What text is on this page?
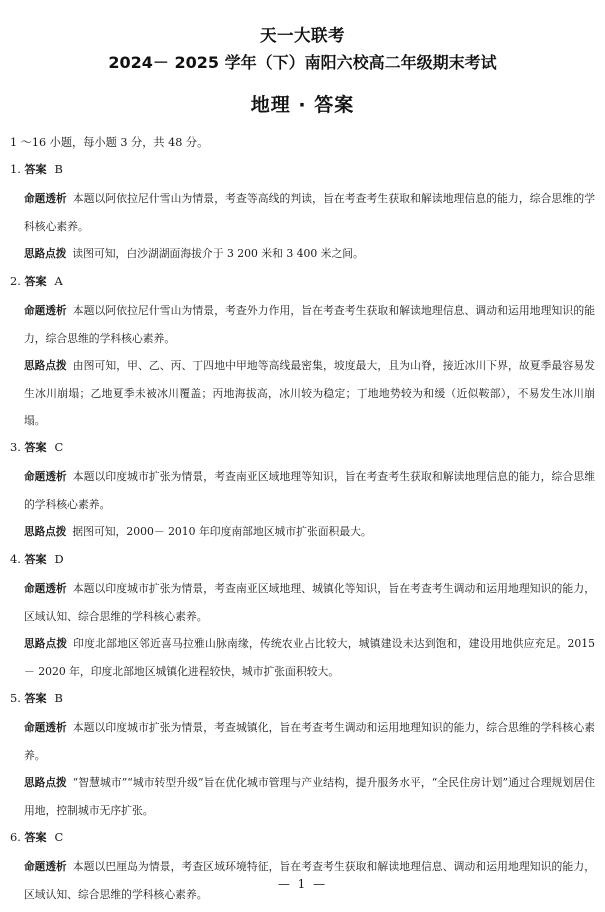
天一大联考
2024－ 2025 学年（下）南阳六校高二年级期末考试
地理 · 答案
1 ～16 小题，每小题 3 分，共 48 分。
1. 答案 B
命题透析 本题以阿依拉尼什雪山为情景，考查等高线的判读，旨在考查考生获取和解读地理信息的能力，综合思维的学科核心素养。
思路点拨 读图可知，白沙湖湖面海拔介于 3 200 米和 3 400 米之间。
2. 答案 A
命题透析 本题以阿依拉尼什雪山为情景，考查外力作用，旨在考查考生获取和解读地理信息、调动和运用地理知识的能力，综合思维的学科核心素养。
思路点拨 由图可知，甲、乙、丙、丁四地中甲地等高线最密集，坡度最大，且为山脊，接近冰川下界，故夏季最容易发生冰川崩塌；乙地夏季未被冰川覆盖；丙地海拔高，冰川较为稳定；丁地地势较为和缓（近似鞍部），不易发生冰川崩塌。
3. 答案 C
命题透析 本题以印度城市扩张为情景，考查南亚区域地理等知识，旨在考查考生获取和解读地理信息的能力，综合思维的学科核心素养。
思路点拨 据图可知，2000－ 2010 年印度南部地区城市扩张面积最大。
4. 答案 D
命题透析 本题以印度城市扩张为情景，考查南亚区域地理、城镇化等知识，旨在考查考生调动和运用地理知识的能力，区域认知、综合思维的学科核心素养。
思路点拨 印度北部地区邻近喜马拉雅山脉南缘，传统农业占比较大，城镇建设未达到饱和，建设用地供应充足。2015－ 2020 年，印度北部地区城镇化进程较快，城市扩张面积较大。
5. 答案 B
命题透析 本题以印度城市扩张为情景，考查城镇化，旨在考查考生调动和运用地理知识的能力，综合思维的学科核心素养。
思路点拨 “智慧城市”“城市转型升级”旨在优化城市管理与产业结构，提升服务水平，“全民住房计划”通过合理规划居住用地，控制城市无序扩张。
6. 答案 C
命题透析 本题以巴厘岛为情景，考查区域环境特征，旨在考查考生获取和解读地理信息、调动和运用地理知识的能力，区域认知、综合思维的学科核心素养。
— 1 —
